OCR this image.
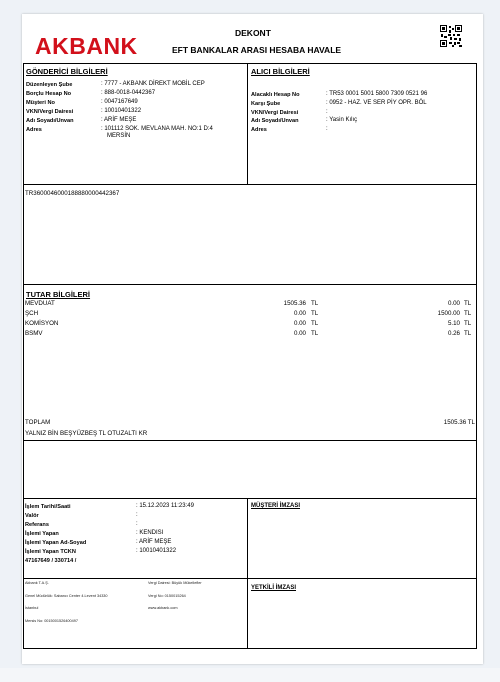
AKBANK	DEKONT
EFT BANKALAR ARASI HESABA HAVALE
GÖNDERİCİ BİLGİLERİ
Düzenleyen Şube	: 7777 - AKBANK DİREKT MOBİL CEP
Borçlu Hesap No	: 888-0018-0442367
Müşteri No	: 0047167649
VKN/Vergi Dairesi	: 10010401322
Adı Soyadı/Unvan	: ARİF MEŞE
Adres	: 101112 SOK. MEVLANA MAH. NO:1 D:4
MERSİN
ALICI BİLGİLERİ
Alacaklı Hesap No	: TR53 0001 5001 5800 7309 0521 96
Karşı Şube	: 0952 - HAZ. VE SER PİY OPR. BÖL
VKN/Vergi Dairesi	:
Adı Soyadı/Unvan	: Yasin Kılıç
Adres	:
TR3600046000188880000442367
TUTAR BİLGİLERİ
MEVDUAT	1505.36 TL	0.00 TL
ŞCH	0.00 TL	1500.00 TL
KOMİSYON	0.00 TL	5.10 TL
BSMV	0.00 TL	0.26 TL
TOPLAM	1505.36 TL
YALNIZ BİN BEŞYÜZBEŞ TL OTUZALTI KR
İşlem Tarihi/Saati	: 15.12.2023 11:23:49
Valör	:
Referans	:
İşlemi Yapan	: KENDISI
İşlemi Yapan Ad-Soyad	: ARİF MEŞE
İşlemi Yapan TCKN	: 10010401322
47167649 / 330714 /
MÜŞTERİ İMZASI
YETKİLİ İMZASI
Akbank T.A.Ş.
Genel Müdürlük: Sabancı Center 4.Levent 34330
İstanbul
Mersis No: 0015001526400497
Vergi Dairesi: Büyük Mükellefler
Vergi No: 0150015264
www.akbank.com
